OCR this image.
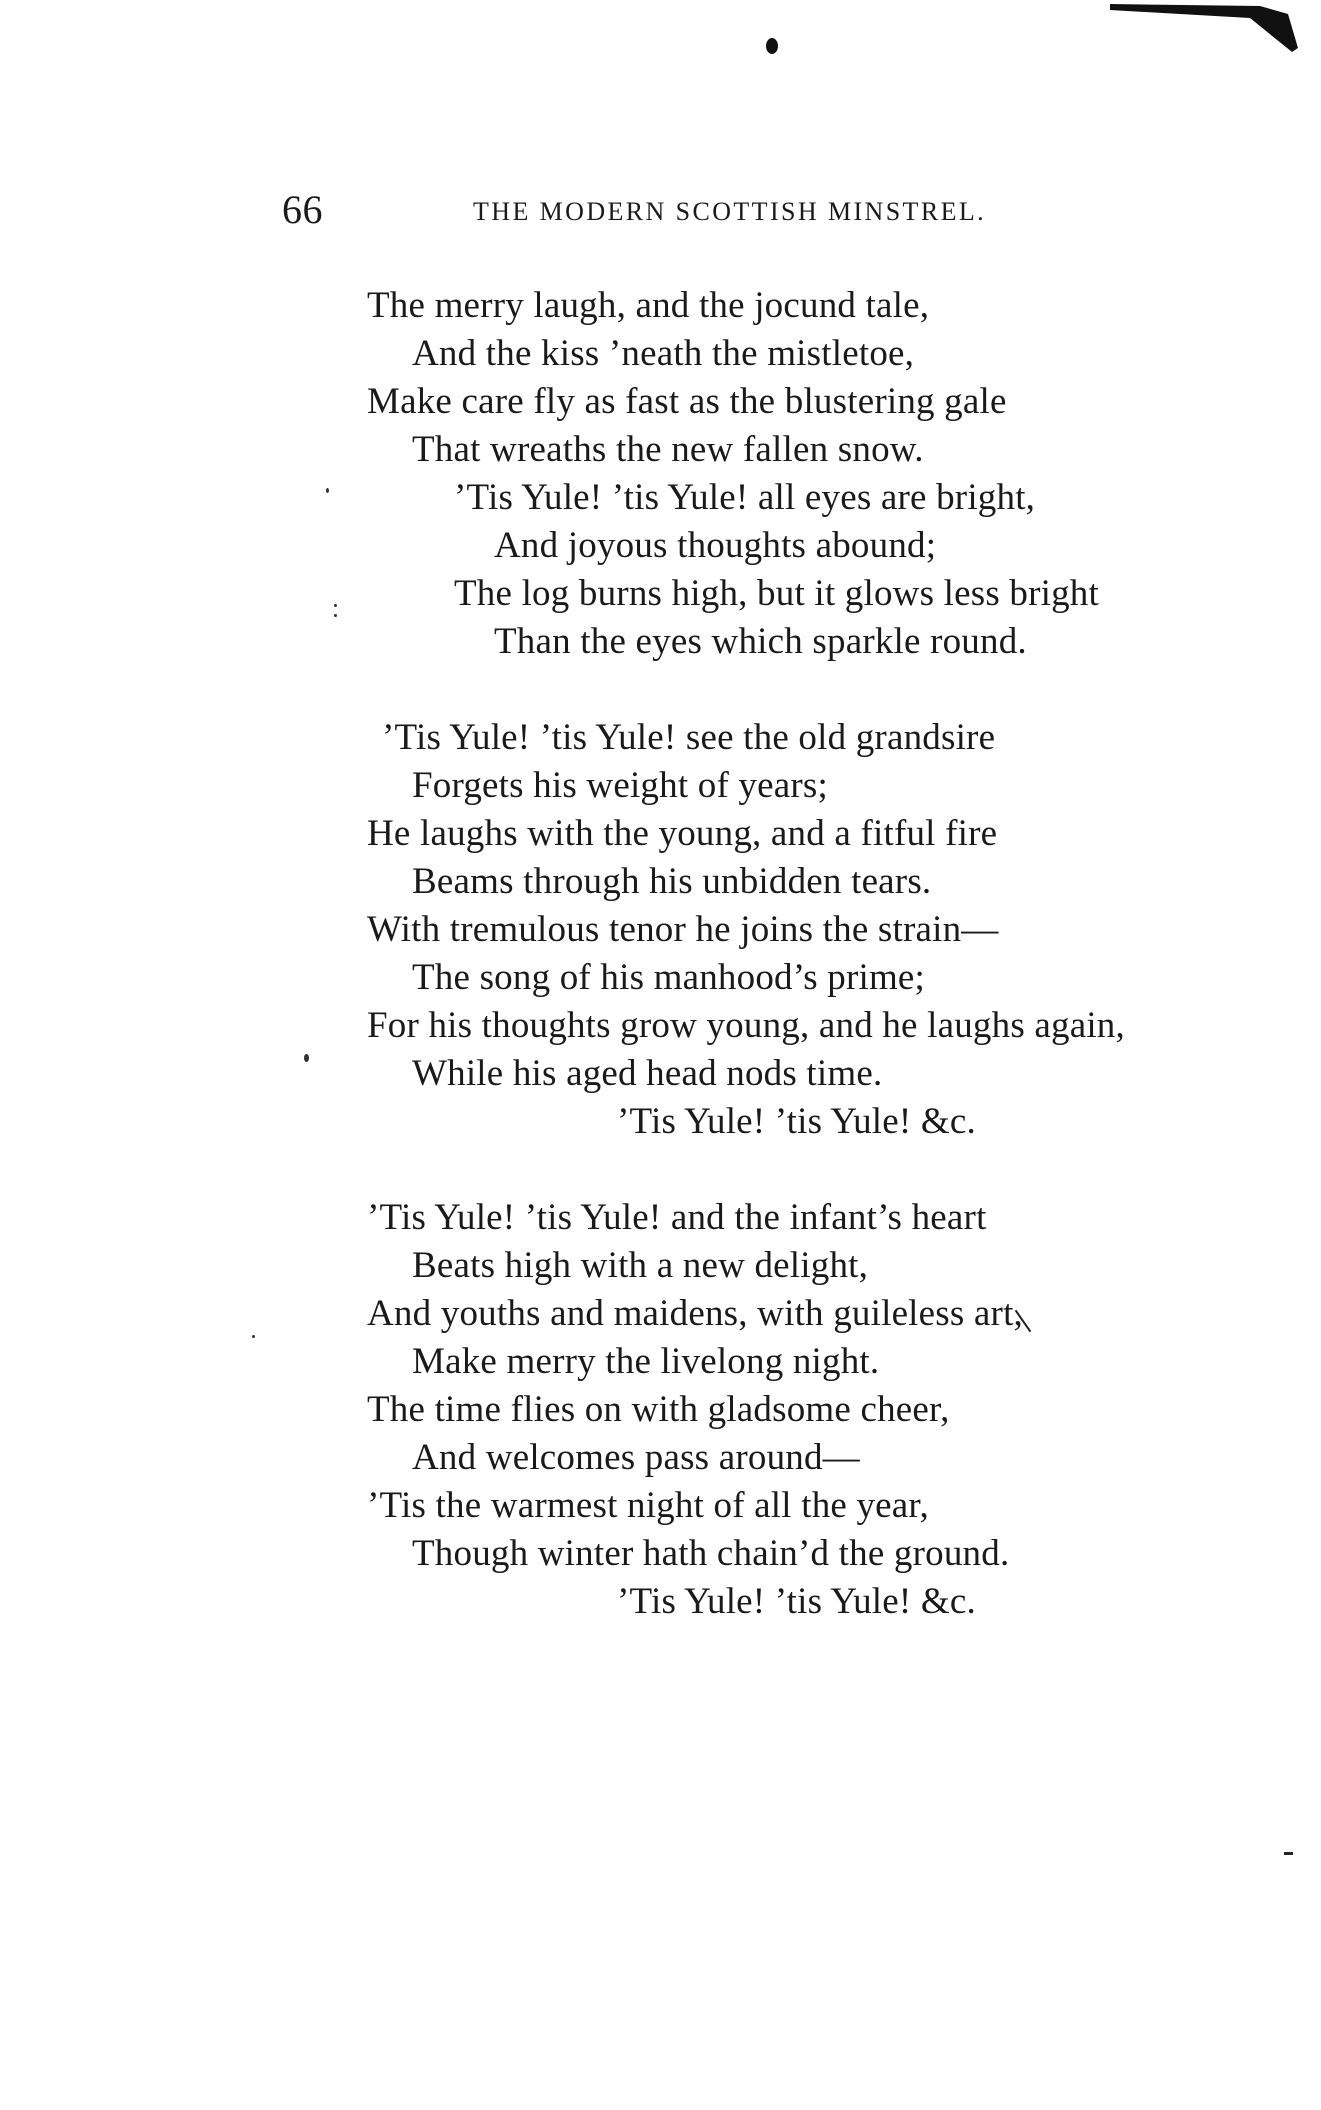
66	THE MODERN SCOTTISH MINSTREL.
The merry laugh, and the jocund tale,
And the kiss ’neath the mistletoe,
Make care fly as fast as the blustering gale
That wreaths the new fallen snow.
’Tis Yule! ’tis Yule! all eyes are bright,
And joyous thoughts abound;
The log burns high, but it glows less bright
Than the eyes which sparkle round.
’Tis Yule! ’tis Yule! see the old grandsire
Forgets his weight of years;
He laughs with the young, and a fitful fire
Beams through his unbidden tears.
With tremulous tenor he joins the strain—
The song of his manhood’s prime;
For his thoughts grow young, and he laughs again,
While his aged head nods time.
’Tis Yule! ’tis Yule! &c.
’Tis Yule! ’tis Yule! and the infant’s heart
Beats high with a new delight,
And youths and maidens, with guileless art,
Make merry the livelong night.
The time flies on with gladsome cheer,
And welcomes pass around—
’Tis the warmest night of all the year,
Though winter hath chain’d the ground.
’Tis Yule! ’tis Yule! &c.
